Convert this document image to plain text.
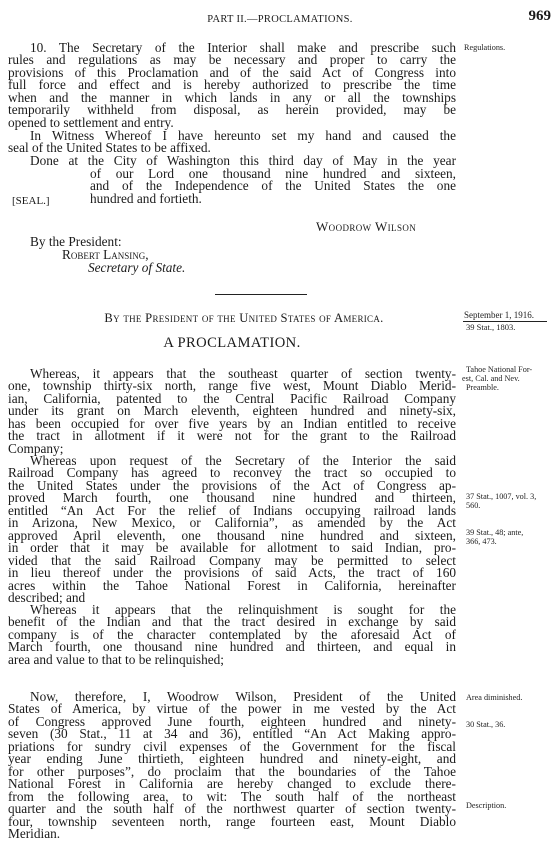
PART II.—PROCLAMATIONS.	969

10. The Secretary of the Interior shall make and prescribe such

rules and regulations as may be necessary and proper to carry the

provisions of this Proclamation and of the said Act of Congress into

full force and effect and is hereby authorized to prescribe the time

when and the manner in which lands in any or all the townships

temporarily withheld from disposal, as herein provided, may be

opened to settlement and entry.

Regulations.

In Witness Whereof I have hereunto set my hand and caused the

seal of the United States to be affixed.

Done at the City of Washington this third day of May in the year

of our Lord one thousand nine hundred and sixteen,

and of the Independence of the United States the one

hundred and fortieth.

[SEAL.]
Woodrow Wilson
By the President:
Robert Lansing,
Secretary of State.
By the President of the United States of America.	September 1, 1916.
39 Stat., 1803.
A PROCLAMATION.
Tahoe National For-
est, Cal. and Nev.
Preamble.

Whereas, it appears that the southeast quarter of section twenty-

one, township thirty-six north, range five west, Mount Diablo Merid-

ian, California, patented to the Central Pacific Railroad Company

under its grant on March eleventh, eighteen hundred and ninety-six,

has been occupied for over five years by an Indian entitled to receive

the tract in allotment if it were not for the grant to the Railroad

Company;

Whereas upon request of the Secretary of the Interior the said

Railroad Company has agreed to reconvey the tract so occupied to

the United States under the provisions of the Act of Congress ap-

proved March fourth, one thousand nine hundred and thirteen,

entitled “An Act For the relief of Indians occupying railroad lands

in Arizona, New Mexico, or California”, as amended by the Act

approved April eleventh, one thousand nine hundred and sixteen,

in order that it may be available for allotment to said Indian, pro-

vided that the said Railroad Company may be permitted to select

in lieu thereof under the provisions of said Acts, the tract of 160

acres within the Tahoe National Forest in California, hereinafter

described; and

37 Stat., 1007, vol. 3,
560.
39 Stat., 48; ante,
366, 473.

Whereas it appears that the relinquishment is sought for the

benefit of the Indian and that the tract desired in exchange by said

company is of the character contemplated by the aforesaid Act of

March fourth, one thousand nine hundred and thirteen, and equal in

area and value to that to be relinquished;

Now, therefore, I, Woodrow Wilson, President of the United

States of America, by virtue of the power in me vested by the Act

of Congress approved June fourth, eighteen hundred and ninety-

seven (30 Stat., 11 at 34 and 36), entitled “An Act Making appro-

priations for sundry civil expenses of the Government for the fiscal

year ending June thirtieth, eighteen hundred and ninety-eight, and

for other purposes”, do proclaim that the boundaries of the Tahoe

National Forest in California are hereby changed to exclude there-

from the following area, to wit: The south half of the northeast

quarter and the south half of the northwest quarter of section twenty-

four, township seventeen north, range fourteen east, Mount Diablo

Meridian.

Area diminished.
30 Stat., 36.
Description.
